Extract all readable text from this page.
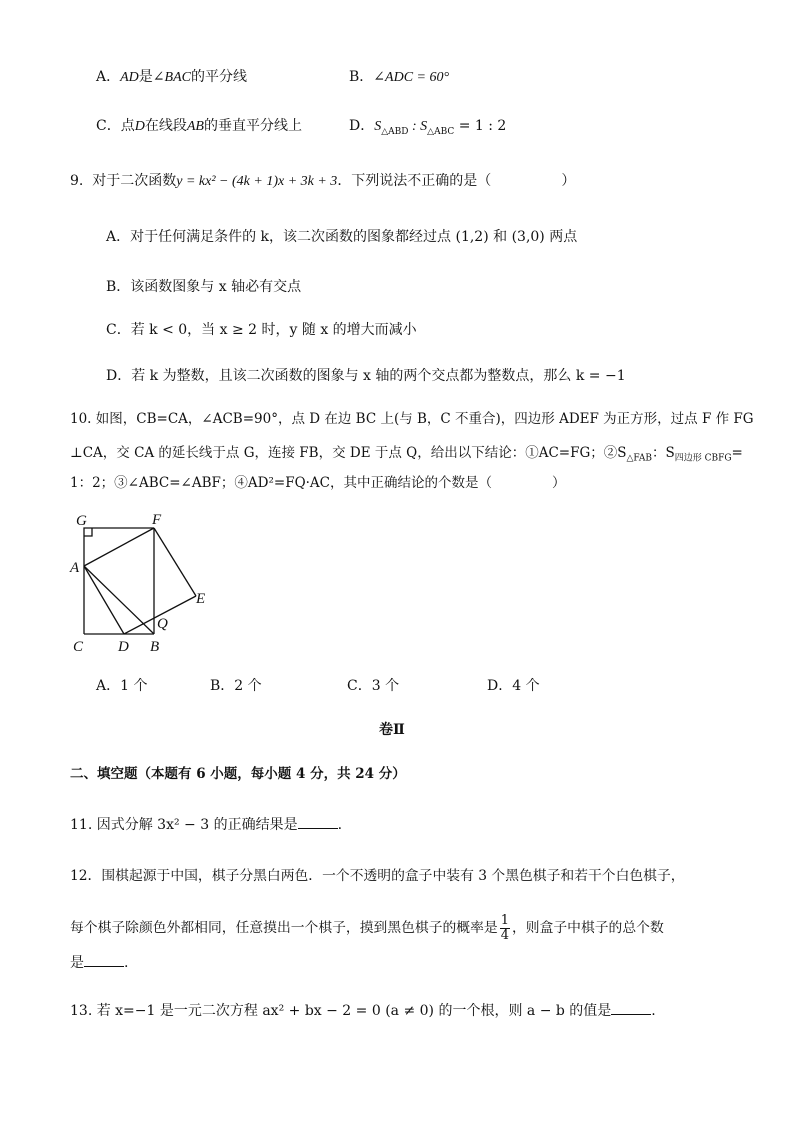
A．AD是∠BAC的平分线	B．∠ADC = 60°
C．点D在线段AB的垂直平分线上	D．$S_{\triangle ABD}$ : $S_{\triangle ABC} = 1$ : 2
9. 对于二次函数y = kx² − (4k + 1)x + 3k + 3．下列说法不正确的是（	）
A．对于任何满足条件的 k，该二次函数的图象都经过点 (1,2) 和 (3,0) 两点
B．该函数图象与 x 轴必有交点
C．若 k < 0，当 x ≥ 2 时，y 随 x 的增大而减小
D．若 k 为整数，且该二次函数的图象与 x 轴的两个交点都为整数点，那么 k = −1
10. 如图，CB=CA，∠ACB=90°，点 D 在边 BC 上(与 B，C 不重合)，四边形 ADEF 为正方形，过点 F 作 FG
⊥CA，交 CA 的延长线于点 G，连接 FB，交 DE 于点 Q，给出以下结论：①AC=FG；$②S_{\triangle FAB}$：$S_{四边形 CBFG}=$
1：2；③∠ABC=∠ABF；④AD²=FQ·AC，其中正确结论的个数是（	）
G	F
A
E
Q
C D B
A．1 个	B．2 个	C．3 个	D．4 个
卷Ⅱ
二、填空题（本题有 6 小题，每小题 4 分，共 24 分）
11. 因式分解 3x² − 3 的正确结果是	.
12．围棋起源于中国，棋子分黑白两色．一个不透明的盒子中装有 3 个黑色棋子和若干个白色棋子，
每个棋子除颜色外都相同，任意摸出一个棋子，摸到黑色棋子的概率是 $\frac{1}{4}$ ，则盒子中棋子的总个数
是	.
13. 若 x=−1 是一元二次方程 ax² + bx − 2 = 0 (a ≠ 0) 的一个根，则 a − b 的值是	.
